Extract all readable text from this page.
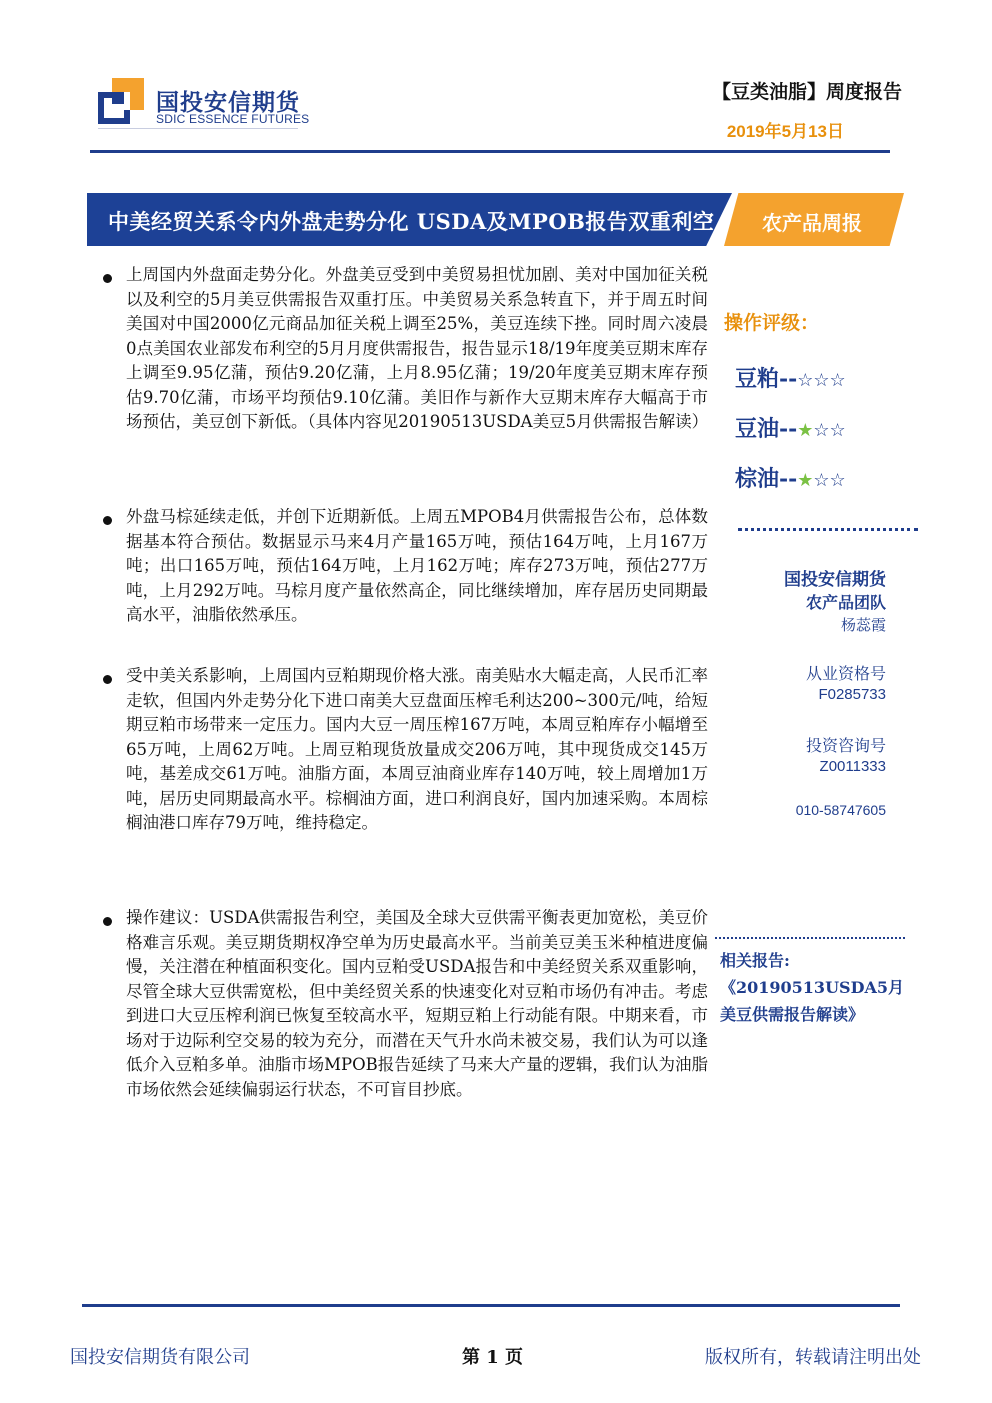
国投安信期货
SDIC ESSENCE FUTURES
【豆类油脂】周度报告
2019年5月13日
中美经贸关系令内外盘走势分化 USDA及MPOB报告双重利空 农产品周报
上周国内外盘面走势分化。外盘美豆受到中美贸易担忧加剧、美对中国加征关税以及利空的5月美豆供需报告双重打压。中美贸易关系急转直下，并于周五时间美国对中国2000亿元商品加征关税上调至25%，美豆连续下挫。同时周六凌晨0点美国农业部发布利空的5月月度供需报告，报告显示18/19年度美豆期末库存上调至9.95亿蒲，预估9.20亿蒲，上月8.95亿蒲；19/20年度美豆期末库存预估9.70亿蒲，市场平均预估9.10亿蒲。美旧作与新作大豆期末库存大幅高于市场预估，美豆创下新低。（具体内容见20190513USDA美豆5月供需报告解读）
外盘马棕延续走低，并创下近期新低。上周五MPOB4月供需报告公布，总体数据基本符合预估。数据显示马来4月产量165万吨，预估164万吨，上月167万吨；出口165万吨，预估164万吨，上月162万吨；库存273万吨，预估277万吨，上月292万吨。马棕月度产量依然高企，同比继续增加，库存居历史同期最高水平，油脂依然承压。
受中美关系影响，上周国内豆粕期现价格大涨。南美贴水大幅走高，人民币汇率走软，但国内外走势分化下进口南美大豆盘面压榨毛利达200~300元/吨，给短期豆粕市场带来一定压力。国内大豆一周压榨167万吨，本周豆粕库存小幅增至65万吨，上周62万吨。上周豆粕现货放量成交206万吨，其中现货成交145万吨，基差成交61万吨。油脂方面，本周豆油商业库存140万吨，较上周增加1万吨，居历史同期最高水平。棕榈油方面，进口利润良好，国内加速采购。本周棕榈油港口库存79万吨，维持稳定。
操作建议：USDA供需报告利空，美国及全球大豆供需平衡表更加宽松，美豆价格难言乐观。美豆期货期权净空单为历史最高水平。当前美豆美玉米种植进度偏慢，关注潜在种植面积变化。国内豆粕受USDA报告和中美经贸关系双重影响，尽管全球大豆供需宽松，但中美经贸关系的快速变化对豆粕市场仍有冲击。考虑到进口大豆压榨利润已恢复至较高水平，短期豆粕上行动能有限。中期来看，市场对于边际利空交易的较为充分，而潜在天气升水尚未被交易，我们认为可以逢低介入豆粕多单。油脂市场MPOB报告延续了马来大产量的逻辑，我们认为油脂市场依然会延续偏弱运行状态，不可盲目抄底。
操作评级：
豆粕--☆☆☆
豆油--★☆☆
棕油--★☆☆
国投安信期货
农产品团队
杨蕊霞
从业资格号
F0285733
投资咨询号
Z0011333
010-58747605
相关报告:
《20190513USDA5月
美豆供需报告解读》
国投安信期货有限公司	第 1 页	版权所有，转载请注明出处
